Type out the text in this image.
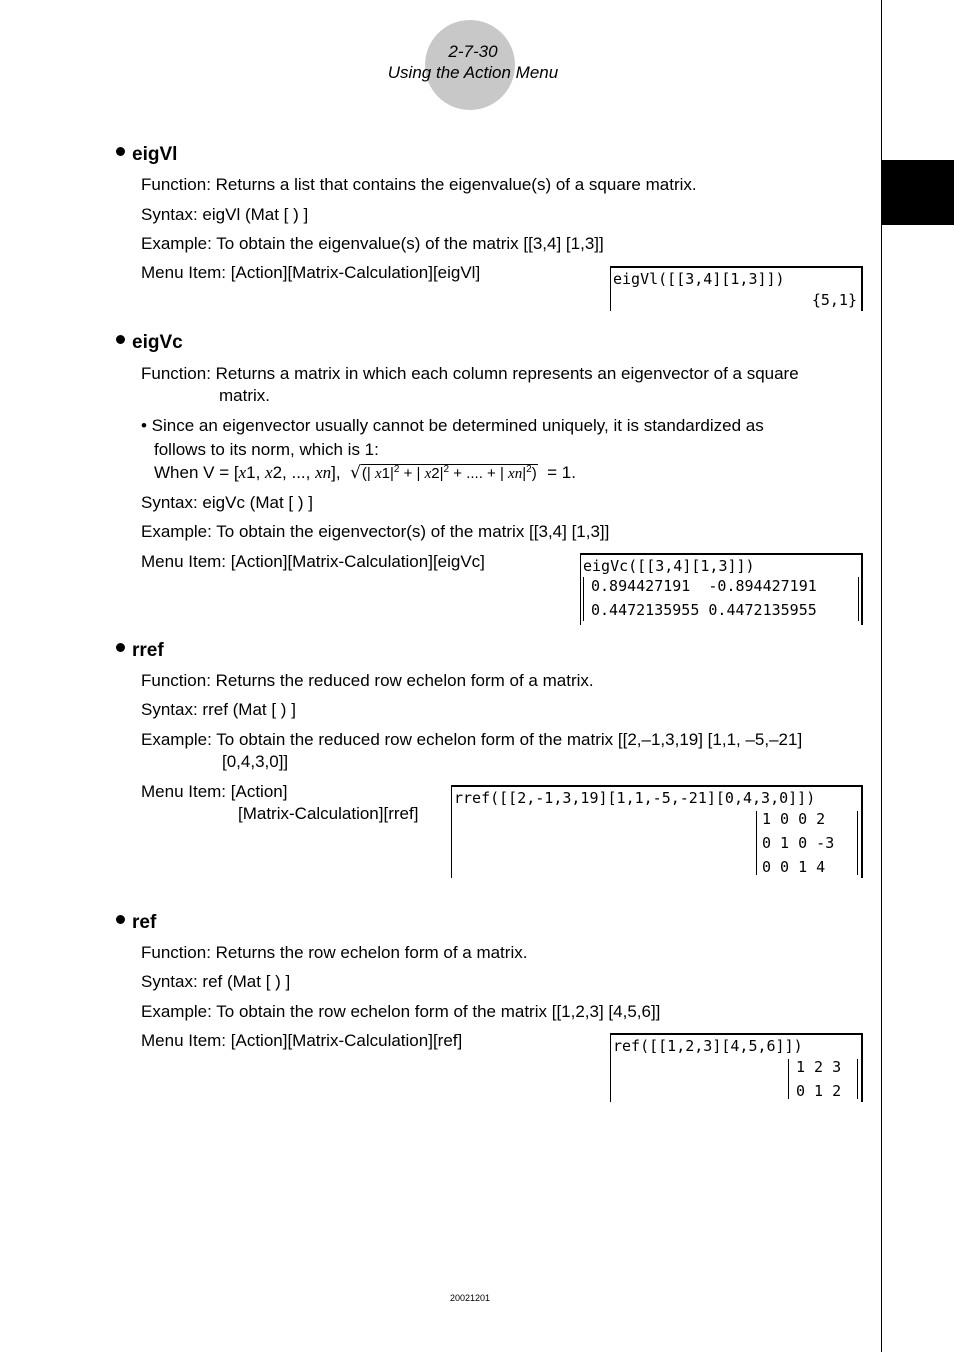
2-7-30
Using the Action Menu
eigVl
Function: Returns a list that contains the eigenvalue(s) of a square matrix.
Syntax: eigVl (Mat [ ) ]
Example: To obtain the eigenvalue(s) of the matrix [[3,4] [1,3]]
Menu Item: [Action][Matrix-Calculation][eigVl]	eigVl([[3,4][1,3]])
{5,1}
eigVc
Function: Returns a matrix in which each column represents an eigenvector of a square
matrix.
• Since an eigenvector usually cannot be determined uniquely, it is standardized as
follows to its norm, which is 1:
When V = [x1, x2, ..., xn],  √(| $x1|^2$ + | $x2|^2$ + .... + | $xn|^2) = 1$.
Syntax: eigVc (Mat [ ) ]
Example: To obtain the eigenvector(s) of the matrix [[3,4] [1,3]]
Menu Item: [Action][Matrix-Calculation][eigVc]	eigVc([[3,4][1,3]])
0.894427191  -0.894427191
0.4472135955 0.4472135955
rref
Function: Returns the reduced row echelon form of a matrix.
Syntax: rref (Mat [ ) ]
Example: To obtain the reduced row echelon form of the matrix [[2,–1,3,19] [1,1, –5,–21]
[0,4,3,0]]
Menu Item: [Action]
[Matrix-Calculation][rref]
rref([[2,-1,3,19][1,1,-5,-21][0,4,3,0]])
1 0 0 2
0 1 0 -3
0 0 1 4
ref
Function: Returns the row echelon form of a matrix.
Syntax: ref (Mat [ ) ]
Example: To obtain the row echelon form of the matrix [[1,2,3] [4,5,6]]
Menu Item: [Action][Matrix-Calculation][ref]	ref([[1,2,3][4,5,6]])
1 2 3
0 1 2
20021201
